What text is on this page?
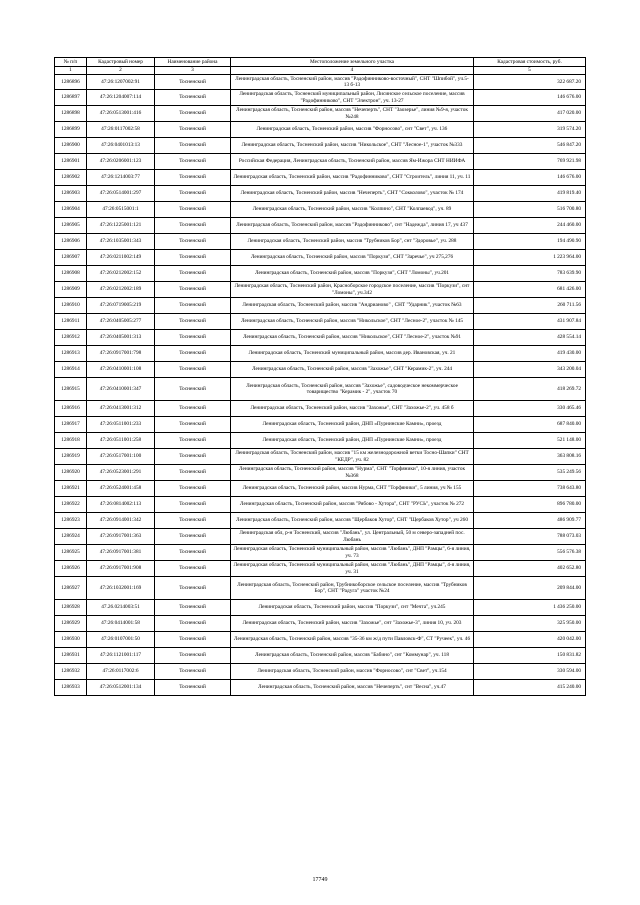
№ п/п	Кадастровый номер	Наименование района	Местоположение земельного участка	Кадастровая стоимость, руб.
1	2	3	4	5
1286896	47:26:1207002:91	Тосненский	Ленинградская область, Тосненский район, массив "Радофинниково-восточный", СНТ "Шпибой", уч.5-13 б-13	322 687.20
1286897	47:26:1204007:114	Тосненский	Ленинградская область, Тосненский муниципальный район, Лисинское сельское поселение, массив "Радофинниково", СНТ "Электрон", уч. 13-27	146 676.00
1286898	47:26:0513001:416	Тосненский	Ленинградская область, Тосненский район, массив "Нечеперть", СНТ "Заозерье", линия №9-я, участок №248	417 020.00
1286899	47:26:0117002:58	Тосненский	Ленинградская область, Тосненский район, массив "Форносово", снт "Свет", уч. 136	319 574.20
1286900	47:26:0401013:13	Тосненский	Ленинградская область, Тосненский район, массив "Никольское", СНТ "Лесное-1", участок №333	546 847.20
1286901	47:26:0206001:123	Тосненский	Российская Федерация, Ленинградская область, Тосненский район, массив Ям-Ижора СНТ НИИФА	769 921.98
1286902	47:26:1214003:77	Тосненский	Ленинградская область, Тосненский район, массив "Радофинниково", СНТ "Строитель", линия 11, уч. 11	146 676.00
1286903	47:26:0514001:297	Тосненский	Ленинградская область, Тосненский район, массив "Нечеперть", СНТ "Сокколово", участок № 174	419 819.40
1286904	47:26:0515001:1	Тосненский	Ленинградская область, Тосненский район, массив "Колпино", СНТ "Колпаевод", уч. 89	516 700.80
1286905	47:26:1225001:121	Тосненский	Ленинградская область, Тосненский район, массив "Радофинниково", снт "Надежда", линия 17, уч 437	244 460.00
1286906	47:26:1035001:343	Тосненский	Ленинградская область, Тосненский район, массив "Трубников Бор", снт "Здоровье", уч. 288	194 490.90
1286907	47:26:0211002:149	Тосненский	Ленинградская область, Тосненский район, массив "Поркузи", СНТ "Заречье", уч 275,276	1 223 964.00
1286908	47:26:0212002:152	Тосненский	Ленинградская область, Тосненский район, массив "Поркузи", СНТ "Ломоны", уч.201	783 639.90
1286909	47:26:0212002:189	Тосненский	Ленинградская область, Тосненский район, Красноборское городское поселение, массив "Поркузи", снт "Ломоны", уч.342	681 426.00
1286910	47:26:0719005:219	Тосненский	Ленинградская область, Тосненский район, массив "Андрианово" , СНТ "Ударник", участок №63	260 711.56
1286911	47:26:0405005:277	Тосненский	Ленинградская область, Тосненский район, массив "Никольское", СНТ "Лесное-2", участок № 145	431 907.84
1286912	47:26:0405001:313	Тосненский	Ленинградская область, Тосненский район, массив "Никольское", СНТ "Лесное-2", участок №91	428 554.14
1286913	47:26:0917001:798	Тосненский	Ленинградская область, Тосненский муниципальный район, массив дер. Ивановская, уч. 21	419 430.00
1286914	47:26:0410001:108	Тосненский	Ленинградская область, Тосненский район, массив "Захожье", СНТ "Керамик-2", уч. 244	343 200.04
1286915	47:26:0410001:347	Тосненский	Ленинградская область, Тосненский район, массив "Захожье", садоводческое некоммерческое товарищество "Керамик - 2", участок 70	418 269.72
1286916	47:26:0413001:312	Тосненский	Ленинградская область, Тосненский район, массив "Захожье", СНТ "Захожье-2", уч. 458 б	330 465.46
1286917	47:26:0511001:233	Тосненский	Ленинградская область, Тосненский район, ДНП «Пурнинские Камни», проезд	687 840.00
1286918	47:26:0511001:258	Тосненский	Ленинградская область, Тосненский район, ДНП «Пурнинские Камни», проезд	521 148.00
1286919	47:26:0517001:100	Тосненский	Ленинградская область, Тосненский район, массив "15 км железнодорожной ветки Тосно-Шапки" СНТ "КЕДР", уч. 82	363 808.16
1286920	47:26:0523001:291	Тосненский	Ленинградская область, Тосненский район, массив "Нурма", СНТ "Торфяники", 10-я линия, участок №368	535 249.56
1286921	47:26:0524001:458	Тосненский	Ленинградская область, Тосненский район, массив Нурма, СНТ "Торфяники", 5 линия, уч № 155	738 643.80
1286922	47:26:0814002:113	Тосненский	Ленинградская область, Тосненский район, массив "Рябово - Хутора", СНТ "РУСЬ", участок № 272	896 780.00
1286923	47:26:0914001:342	Тосненский	Ленинградская область, Тосненский район, массив "Щербаков Хутор", СНТ "Щербаков Хутор", уч 260	486 909.77
1286924	47:26:0917001:363	Тосненский	Ленинградская обл, р-н Тосненский, массив "Любань", ул. Центральный, 50 м северо-западней пос. Любань	788 073.03
1286925	47:26:0917001:381	Тосненский	Ленинградская область, Тосненский муниципальный район, массив "Любань", ДНП "Рамцы", 6-я линия, уч. 73	556 576.38
1286926	47:26:0917001:908	Тосненский	Ленинградская область, Тосненский муниципальный район, массив "Любань", ДНП "Рамцы", 4-я линия, уч. 31	402 652.80
1286927	47:26:1032001:169	Тосненский	Ленинградская область, Тосненский район, Трубникоборское сельское поселение, массив "Трубников Бор", СНТ "Радуга" участок №24	209 844.00
1286928	47.26.0214003:51	Тосненский	Ленинградская область, Тосненский район, массив "Поркузи", снт "Мечта", уч.245	1 436 250.00
1286929	47:26:0414001:58	Тосненский	Ленинградская область, Тосненский район, массив "Захожье", снт "Захожье-3", линия 10, уч. 203	325 950.00
1286930	47:26:0107001:50	Тосненский	Ленинградская область, Тосненский район, массив "35-36 км ж/д пути Павловск-Ф", СТ "Ручеек", уч. 46	420 042.00
1286931	47:26:1121001:117	Тосненский	Ленинградская область, Тосненский район, массив "Бабино", снт "Коммунар", уч. 118	150 831.82
1286932	47:26:0117002:6	Тосненский	Ленинградская область, Тосненский район, массив "Форносово", снт "Свет", уч.154	330 594.00
1286933	47:26:0512001:134	Тосненский	Ленинградская область, Тосненский район, массив "Нечеперть", снт "Весна", уч.47	415 240.00
17749
